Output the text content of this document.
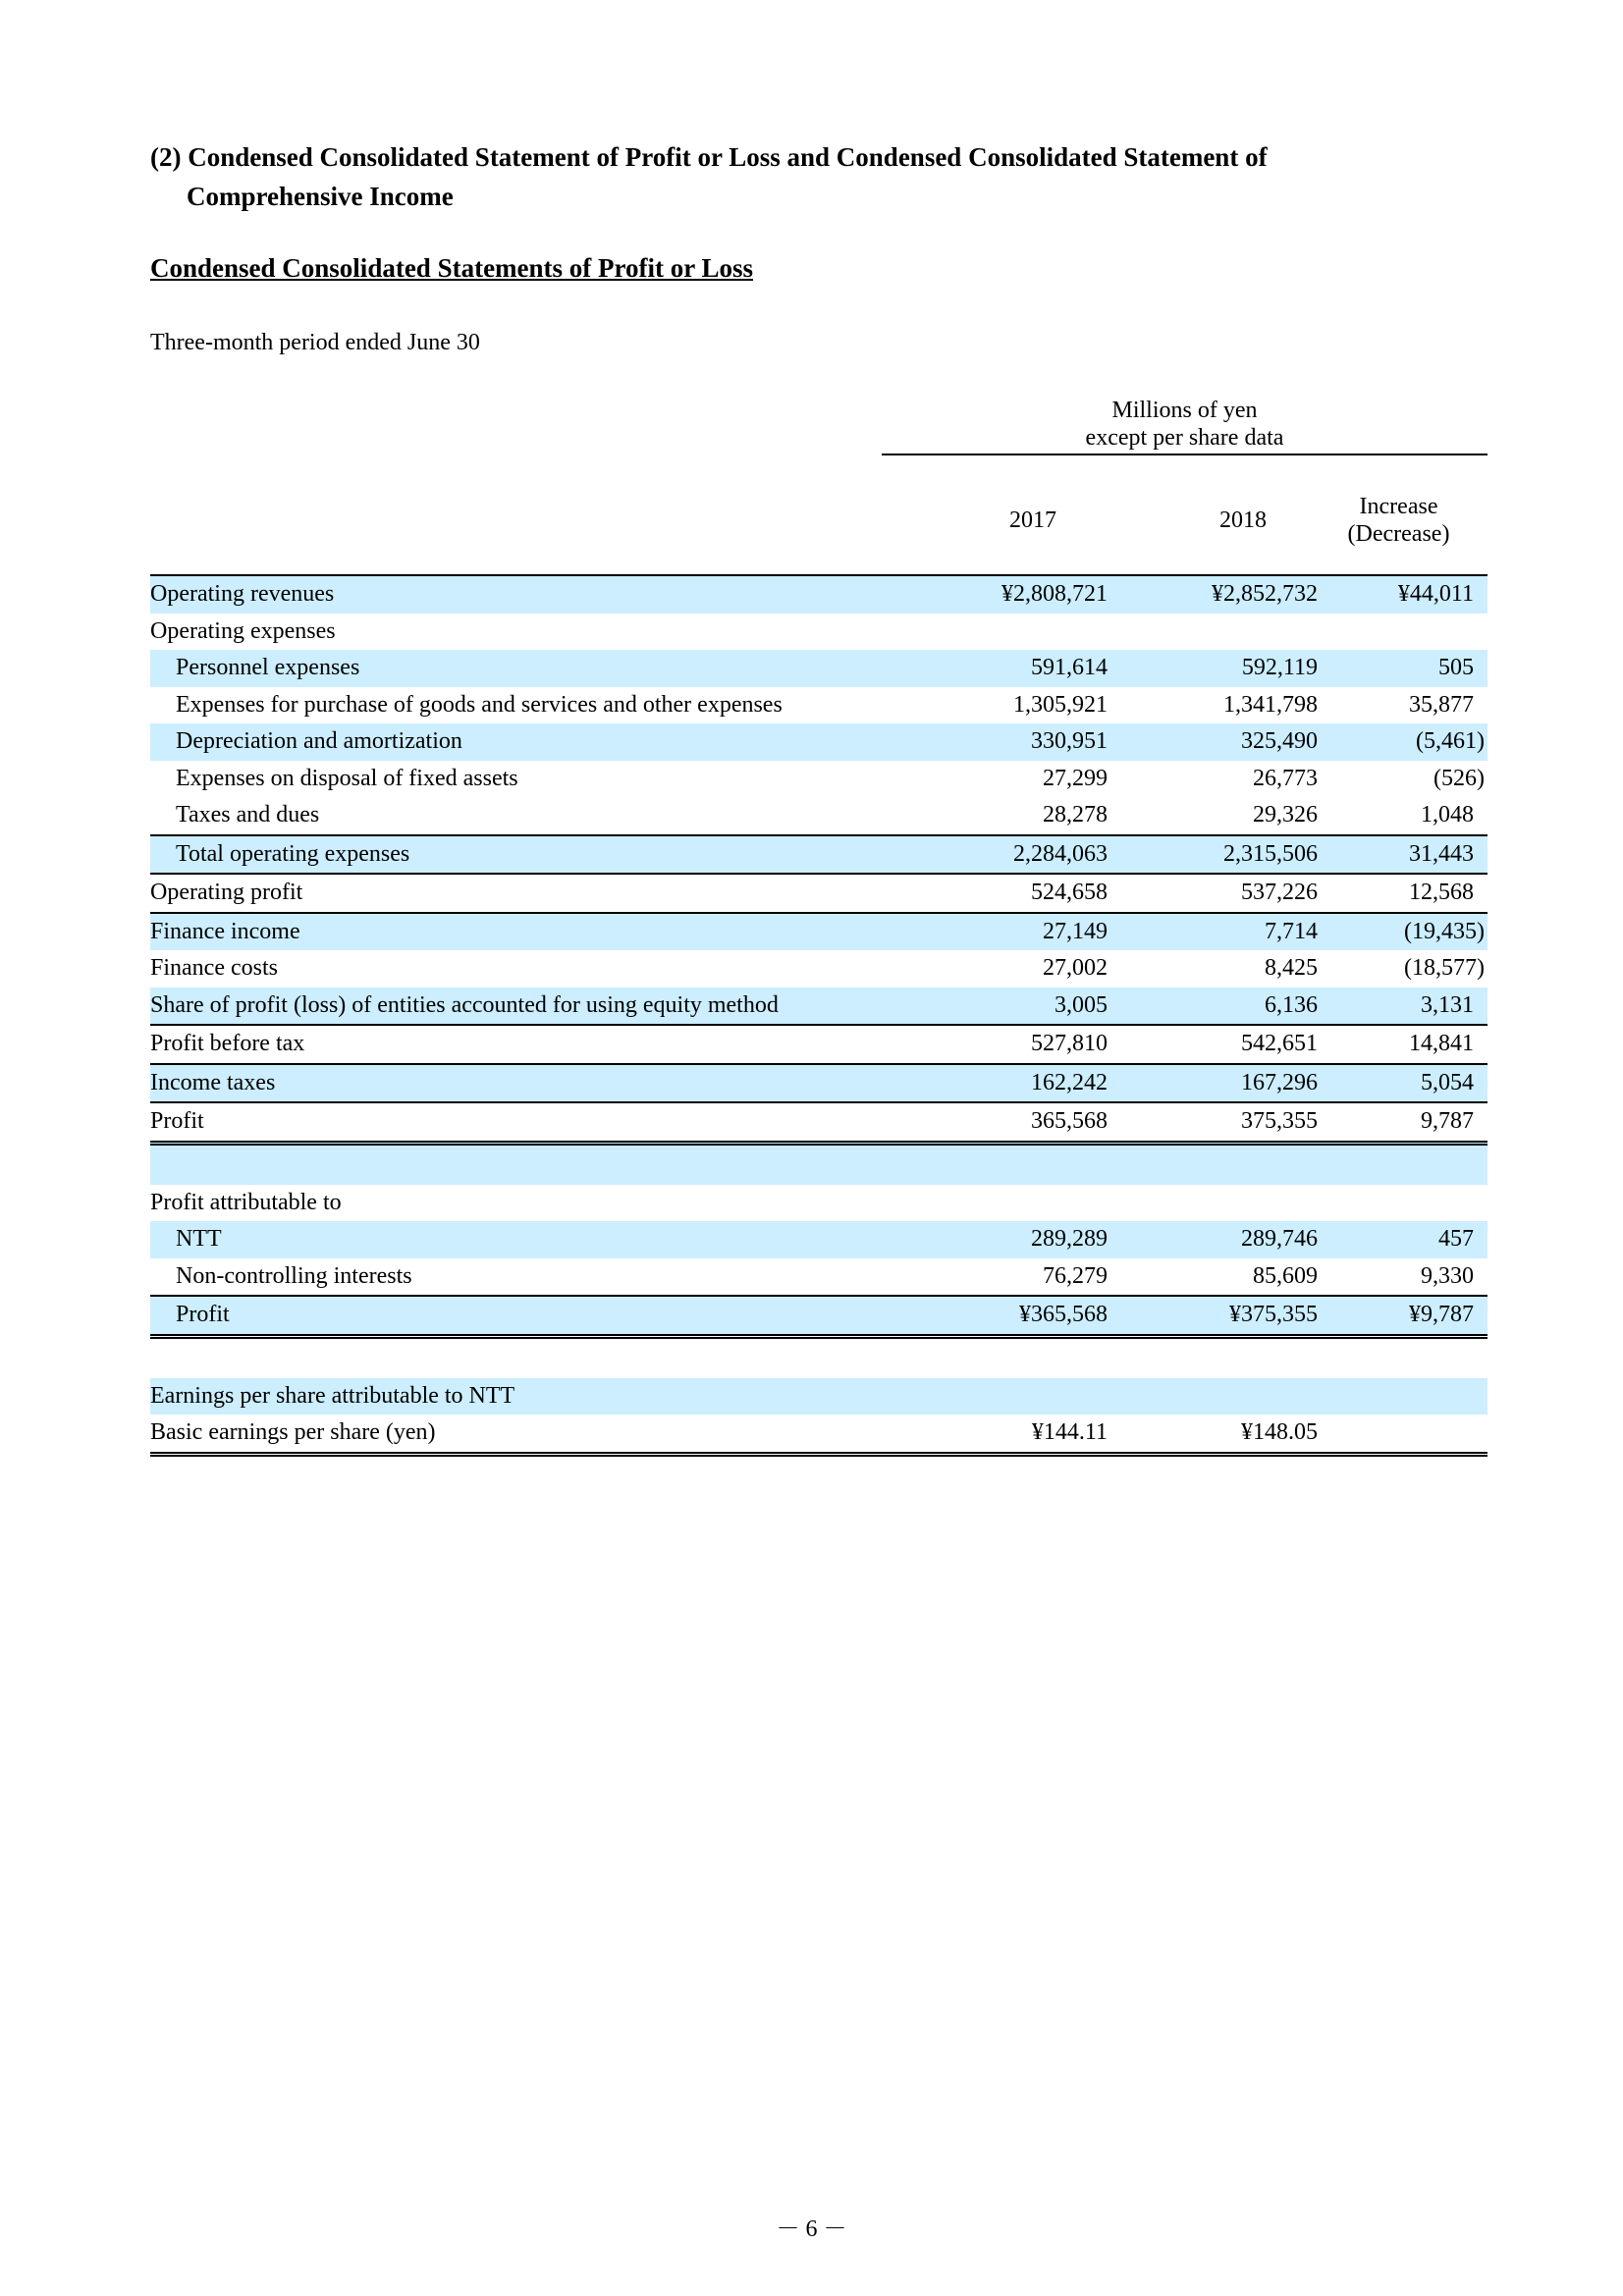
(2) Condensed Consolidated Statement of Profit or Loss and Condensed Consolidated Statement of
Comprehensive Income
Condensed Consolidated Statements of Profit or Loss
Three-month period ended June 30
Millions of yen
except per share data
	2017	2018	Increase
(Decrease)

Operating revenues	¥2,808,721	¥2,852,732	¥44,011
Operating expenses			
Personnel expenses	591,614	592,119	505
Expenses for purchase of goods and services and other expenses	1,305,921	1,341,798	35,877
Depreciation and amortization	330,951	325,490	(5,461)
Expenses on disposal of fixed assets	27,299	26,773	(526)
Taxes and dues	28,278	29,326	1,048
Total operating expenses	2,284,063	2,315,506	31,443
Operating profit	524,658	537,226	12,568
Finance income	27,149	7,714	(19,435)
Finance costs	27,002	8,425	(18,577)
Share of profit (loss) of entities accounted for using equity method	3,005	6,136	3,131
Profit before tax	527,810	542,651	14,841
Income taxes	162,242	167,296	5,054
Profit	365,568	375,355	9,787

Profit attributable to			
NTT	289,289	289,746	457
Non-controlling interests	76,279	85,609	9,330
Profit	¥365,568	¥375,355	¥9,787

Earnings per share attributable to NTT			
Basic earnings per share (yen)	¥144.11	¥148.05	
－ 6 －
